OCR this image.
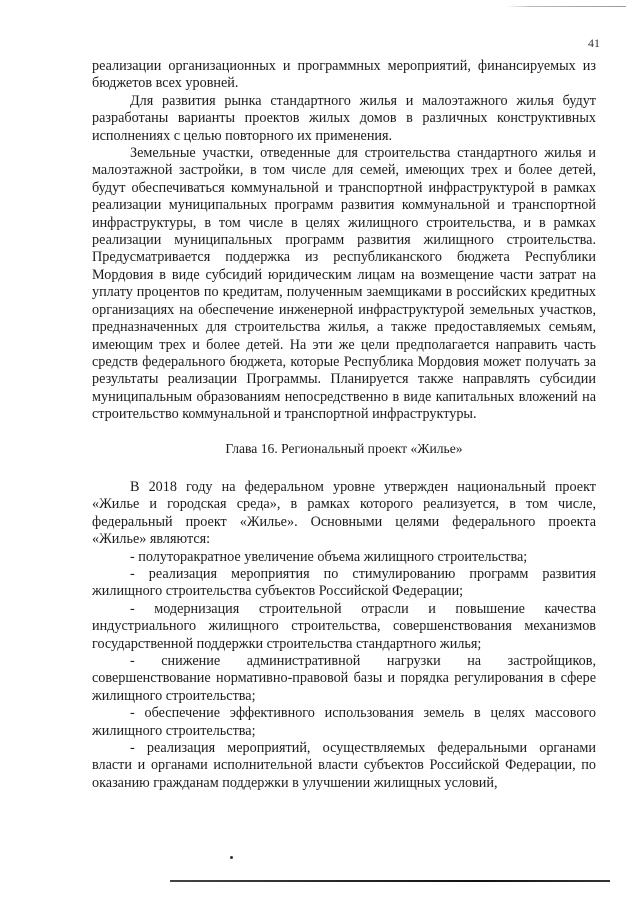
41

реализации организационных и программных мероприятий, финансируемых из бюджетов всех уровней.

Для развития рынка стандартного жилья и малоэтажного жилья будут разработаны варианты проектов жилых домов в различных конструктивных исполнениях с целью повторного их применения.

Земельные участки, отведенные для строительства стандартного жилья и малоэтажной застройки, в том числе для семей, имеющих трех и более детей, будут обеспечиваться коммунальной и транспортной инфраструктурой в рамках реализации муниципальных программ развития коммунальной и транспортной инфраструктуры, в том числе в целях жилищного строительства, и в рамках реализации муниципальных программ развития жилищного строительства. Предусматривается поддержка из республиканского бюджета Республики Мордовия в виде субсидий юридическим лицам на возмещение части затрат на уплату процентов по кредитам, полученным заемщиками в российских кредитных организациях на обеспечение инженерной инфраструктурой земельных участков, предназначенных для строительства жилья, а также предоставляемых семьям, имеющим трех и более детей. На эти же цели предполагается направить часть средств федерального бюджета, которые Республика Мордовия может получать за результаты реализации Программы. Планируется также направлять субсидии муниципальным образованиям непосредственно в виде капитальных вложений на строительство коммунальной и транспортной инфраструктуры.

Глава 16. Региональный проект «Жилье»

В 2018 году на федеральном уровне утвержден национальный проект «Жилье и городская среда», в рамках которого реализуется, в том числе, федеральный проект «Жилье». Основными целями федерального проекта «Жилье» являются:

- полуторакратное увеличение объема жилищного строительства;

- реализация мероприятия по стимулированию программ развития жилищного строительства субъектов Российской Федерации;

- модернизация строительной отрасли и повышение качества индустриального жилищного строительства, совершенствования механизмов государственной поддержки строительства стандартного жилья;

- снижение административной нагрузки на застройщиков, совершенствование нормативно-правовой базы и порядка регулирования в сфере жилищного строительства;

- обеспечение эффективного использования земель в целях массового жилищного строительства;

- реализация мероприятий, осуществляемых федеральными органами власти и органами исполнительной власти субъектов Российской Федерации, по оказанию гражданам поддержки в улучшении жилищных условий,
